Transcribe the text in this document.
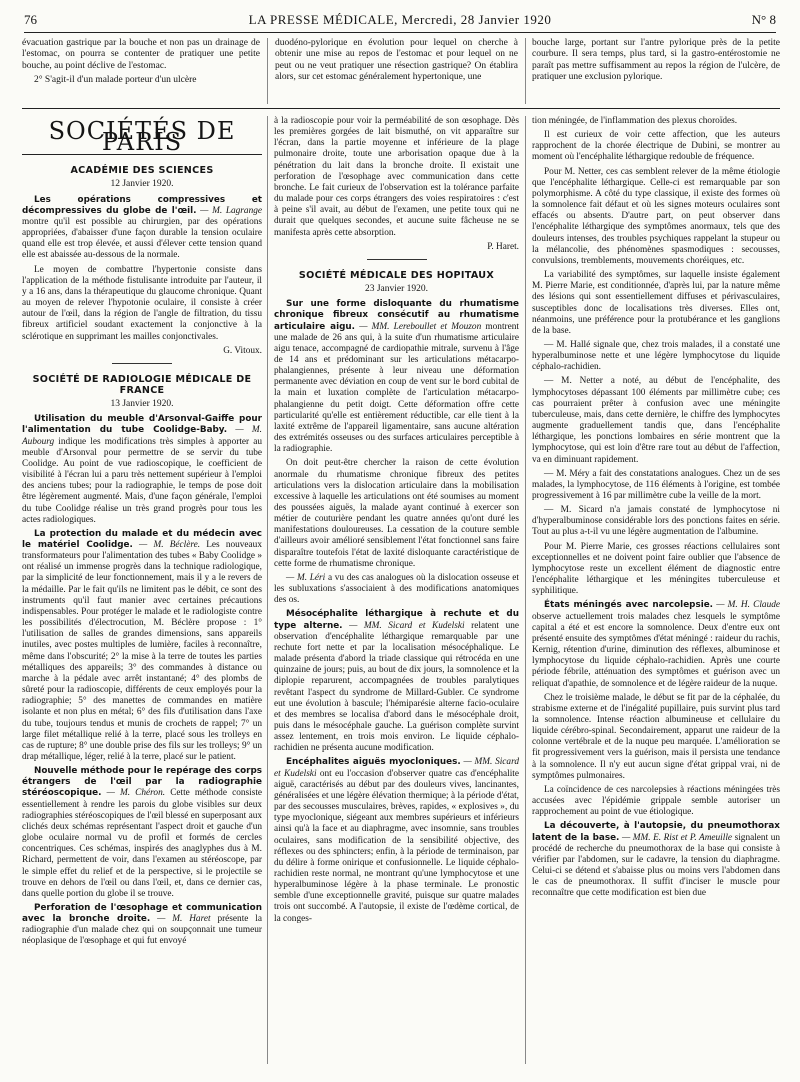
76	LA PRESSE MÉDICALE, Mercredi, 28 Janvier 1920	N° 8

évacuation gastrique par la bouche et non pas un drainage de l'estomac, on pourra se contenter de pratiquer une petite bouche, au point déclive de l'estomac.

2° S'agit-il d'un malade porteur d'un ulcère

duodéno-pylorique en évolution pour lequel on cherche à obtenir une mise au repos de l'estomac et pour lequel on ne peut ou ne veut pratiquer une résection gastrique? On établira alors, sur cet estomac généralement hypertonique, une

bouche large, portant sur l'antre pylorique près de la petite courbure. Il sera temps, plus tard, si la gastro-entérostomie ne paraît pas mettre suffisamment au repos la région de l'ulcère, de pratiquer une exclusion pylorique.

SOCIÉTÉS DE PARIS
ACADÉMIE DES SCIENCES
12 Janvier 1920.

Les opérations compressives et décompressives du globe de l'œil. — M. Lagrange montre qu'il est possible au chirurgien, par des opérations appropriées, d'abaisser d'une façon durable la tension oculaire quand elle est trop élevée, et aussi d'élever cette tension quand elle est abaissée au-dessous de la normale.

Le moyen de combattre l'hypertonie consiste dans l'application de la méthode fistulisante introduite par l'auteur, il y a 16 ans, dans la thérapeutique du glaucome chronique. Quant au moyen de relever l'hypotonie oculaire, il consiste à créer autour de l'œil, dans la région de l'angle de filtration, du tissu fibreux artificiel soudant exactement la conjonctive à la sclérotique en supprimant les mailles conjonctivales.

G. Vitoux.
SOCIÉTÉ DE RADIOLOGIE MÉDICALE DE FRANCE
13 Janvier 1920.

Utilisation du meuble d'Arsonval-Gaiffe pour l'alimentation du tube Coolidge-Baby. — M. Aubourg indique les modifications très simples à apporter au meuble d'Arsonval pour permettre de se servir du tube Coolidge. Au point de vue radioscopique, le coefficient de visibilité à l'écran lui a paru très nettement supérieur à l'emploi des anciens tubes; pour la radiographie, le temps de pose doit être légèrement augmenté. Mais, d'une façon générale, l'emploi du tube Coolidge réalise un très grand progrès pour tous les actes radiologiques.

La protection du malade et du médecin avec le matériel Coolidge. — M. Béclère. Les nouveaux transformateurs pour l'alimentation des tubes « Baby Coolidge » ont réalisé un immense progrès dans la technique radiologique, par la simplicité de leur fonctionnement, mais il y a le revers de la médaille. Par le fait qu'ils ne limitent pas le débit, ce sont des instruments qu'il faut manier avec certaines précautions indispensables. Pour protéger le malade et le radiologiste contre les possibilités d'électrocution, M. Béclère propose : 1° l'utilisation de salles de grandes dimensions, sans appareils inutiles, avec postes multiples de lumière, faciles à reconnaître, même dans l'obscurité; 2° la mise à la terre de toutes les parties métalliques des appareils; 3° des commandes à distance ou marche à la pédale avec arrêt instantané; 4° des plombs de sûreté pour la radioscopie, différents de ceux employés pour la radiographie; 5° des manettes de commandes en matière isolante et non plus en métal; 6° des fils d'utilisation dans l'axe du tube, toujours tendus et munis de crochets de rappel; 7° un large filet métallique relié à la terre, placé sous les trolleys en cas de rupture; 8° une double prise des fils sur les trolleys; 9° un drap métallique, léger, relié à la terre, placé sur le patient.

Nouvelle méthode pour le repérage des corps étrangers de l'œil par la radiographie stéréoscopique. — M. Chéron. Cette méthode consiste essentiellement à rendre les parois du globe visibles sur deux radiographies stéréoscopiques de l'œil blessé en superposant aux clichés deux schémas représentant l'aspect droit et gauche d'un globe oculaire normal vu de profil et formés de cercles concentriques. Ces schémas, inspirés des anaglyphes dus à M. Richard, permettent de voir, dans l'examen au stéréoscope, par le simple effet du relief et de la perspective, si le projectile se trouve en dehors de l'œil ou dans l'œil, et, dans ce dernier cas, dans quelle portion du globe il se trouve.

Perforation de l'œsophage et communication avec la bronche droite. — M. Haret présente la radiographie d'un malade chez qui on soupçonnait une tumeur néoplasique de l'œsophage et qui fut envoyé

à la radioscopie pour voir la perméabilité de son œsophage. Dès les premières gorgées de lait bismuthé, on vit apparaître sur l'écran, dans la partie moyenne et inférieure de la plage pulmonaire droite, toute une arborisation opaque due à la pénétration du lait dans la bronche droite. Il existait une perforation de l'œsophage avec communication dans cette bronche. Le fait curieux de l'observation est la tolérance parfaite du malade pour ces corps étrangers des voies respiratoires : c'est à peine s'il avait, au début de l'examen, une petite toux qui ne durait que quelques secondes, et aucune suite fâcheuse ne se manifesta après cette absorption.

P. Haret.
SOCIÉTÉ MÉDICALE DES HOPITAUX
23 Janvier 1920.

Sur une forme disloquante du rhumatisme chronique fibreux consécutif au rhumatisme articulaire aigu. — MM. Lereboullet et Mouzon montrent une malade de 26 ans qui, à la suite d'un rhumatisme articulaire aigu tenace, accompagné de cardiopathie mitrale, survenu à l'âge de 14 ans et prédominant sur les articulations métacarpo-phalangiennes, présente à leur niveau une déformation permanente avec déviation en coup de vent sur le bord cubital de la main et luxation complète de l'articulation métacarpo-phalangienne du petit doigt. Cette déformation offre cette particularité qu'elle est entièrement réductible, car elle tient à la laxité extrême de l'appareil ligamentaire, sans aucune altération des extrémités osseuses ou des surfaces articulaires perceptible à la radiographie.

On doit peut-être chercher la raison de cette évolution anormale du rhumatisme chronique fibreux des petites articulations vers la dislocation articulaire dans la mobilisation excessive à laquelle les articulations ont été soumises au moment des poussées aiguës, la malade ayant continué à exercer son métier de couturière pendant les quatre années qu'ont duré les manifestations douloureuses. La cessation de la couture semble d'ailleurs avoir amélioré sensiblement l'état fonctionnel sans faire disparaître toutefois l'état de laxité disloquante caractéristique de cette forme de rhumatisme chronique.

— M. Léri a vu des cas analogues où la dislocation osseuse et les subluxations s'associaient à des modifications anatomiques des os.

Mésocéphalite léthargique à rechute et du type alterne. — MM. Sicard et Kudelski relatent une observation d'encéphalite léthargique remarquable par une rechute fort nette et par la localisation mésocéphalique. Le malade présenta d'abord la triade classique qui rétrocéda en une quinzaine de jours; puis, au bout de dix jours, la somnolence et la diplopie reparurent, accompagnées de troubles paralytiques revêtant l'aspect du syndrome de Millard-Gubler. Ce syndrome eut une évolution à bascule; l'hémiparésie alterne facio-oculaire et des membres se localisa d'abord dans le mésocéphale droit, puis dans le mésocéphale gauche. La guérison complète survint assez lentement, en trois mois environ. Le liquide céphalo-rachidien ne présenta aucune modification.

Encéphalites aiguës myocloniques. — MM. Sicard et Kudelski ont eu l'occasion d'observer quatre cas d'encéphalite aiguë, caractérisés au début par des douleurs vives, lancinantes, généralisées et une légère élévation thermique; à la période d'état, par des secousses musculaires, brèves, rapides, « explosives », du type myoclonique, siégeant aux membres supérieurs et inférieurs ainsi qu'à la face et au diaphragme, avec insomnie, sans troubles oculaires, sans modification de la sensibilité objective, des réflexes ou des sphincters; enfin, à la période de terminaison, par du délire à forme onirique et confusionnelle. Le liquide céphalo-rachidien reste normal, ne montrant qu'une lymphocytose et une hyperalbuminose légère à la phase terminale. Le pronostic semble d'une exceptionnelle gravité, puisque sur quatre malades trois ont succombé. A l'autopsie, il existe de l'œdème cortical, de la conges-

tion méningée, de l'inflammation des plexus choroïdes.

Il est curieux de voir cette affection, que les auteurs rapprochent de la chorée électrique de Dubini, se montrer au moment où l'encéphalite léthargique redouble de fréquence.

Pour M. Netter, ces cas semblent relever de la même étiologie que l'encéphalite léthargique. Celle-ci est remarquable par son polymorphisme. A côté du type classique, il existe des formes où la somnolence fait défaut et où les signes moteurs oculaires sont effacés ou absents. D'autre part, on peut observer dans l'encéphalite léthargique des symptômes anormaux, tels que des douleurs intenses, des troubles psychiques rappelant la stupeur ou la mélancolie, des phénomènes spasmodiques : secousses, convulsions, tremblements, mouvements choréiques, etc.

La variabilité des symptômes, sur laquelle insiste également M. Pierre Marie, est conditionnée, d'après lui, par la nature même des lésions qui sont essentiellement diffuses et périvasculaires, susceptibles donc de localisations très diverses. Elles ont, néanmoins, une préférence pour la protubérance et les ganglions de la base.

— M. Hallé signale que, chez trois malades, il a constaté une hyperalbuminose nette et une légère lymphocytose du liquide céphalo-rachidien.

— M. Netter a noté, au début de l'encéphalite, des lymphocytoses dépassant 100 éléments par millimètre cube; ces cas pourraient prêter à confusion avec une méningite tuberculeuse, mais, dans cette dernière, le chiffre des lymphocytes augmente graduellement tandis que, dans l'encéphalite léthargique, les ponctions lombaires en série montrent que la lymphocytose, qui est loin d'être rare tout au début de l'affection, va en diminuant rapidement.

— M. Méry a fait des constatations analogues. Chez un de ses malades, la lymphocytose, de 116 éléments à l'origine, est tombée progressivement à 16 par millimètre cube la veille de la mort.

— M. Sicard n'a jamais constaté de lymphocytose ni d'hyperalbuminose considérable lors des ponctions faites en série. Tout au plus a-t-il vu une légère augmentation de l'albumine.

Pour M. Pierre Marie, ces grosses réactions cellulaires sont exceptionnelles et ne doivent point faire oublier que l'absence de lymphocytose reste un excellent élément de diagnostic entre l'encéphalite léthargique et les méningites tuberculeuse et syphilitique.

États méningés avec narcolepsie. — M. H. Claude observe actuellement trois malades chez lesquels le symptôme capital a été et est encore la somnolence. Deux d'entre eux ont présenté ensuite des symptômes d'état méningé : raideur du rachis, Kernig, rétention d'urine, diminution des réflexes, albuminose et lymphocytose du liquide céphalo-rachidien. Après une courte période fébrile, atténuation des symptômes et guérison avec un reliquat d'apathie, de somnolence et de légère raideur de la nuque.

Chez le troisième malade, le début se fit par de la céphalée, du strabisme externe et de l'inégalité pupillaire, puis survint plus tard la somnolence. Intense réaction albumineuse et cellulaire du liquide cérébro-spinal. Secondairement, apparut une raideur de la colonne vertébrale et de la nuque peu marquée. L'amélioration se fit progressivement vers la guérison, mais il persista une tendance à la somnolence. Il n'y eut aucun signe d'état grippal vrai, ni de symptômes pulmonaires.

La coïncidence de ces narcolepsies à réactions méningées très accusées avec l'épidémie grippale semble autoriser un rapprochement au point de vue étiologique.

La découverte, à l'autopsie, du pneumothorax latent de la base. — MM. E. Rist et P. Ameuille signalent un procédé de recherche du pneumothorax de la base qui consiste à vérifier par l'abdomen, sur le cadavre, la tension du diaphragme. Celui-ci se détend et s'abaisse plus ou moins vers l'abdomen dans le cas de pneumothorax. Il suffit d'inciser le muscle pour reconnaître que cette modification est bien due
